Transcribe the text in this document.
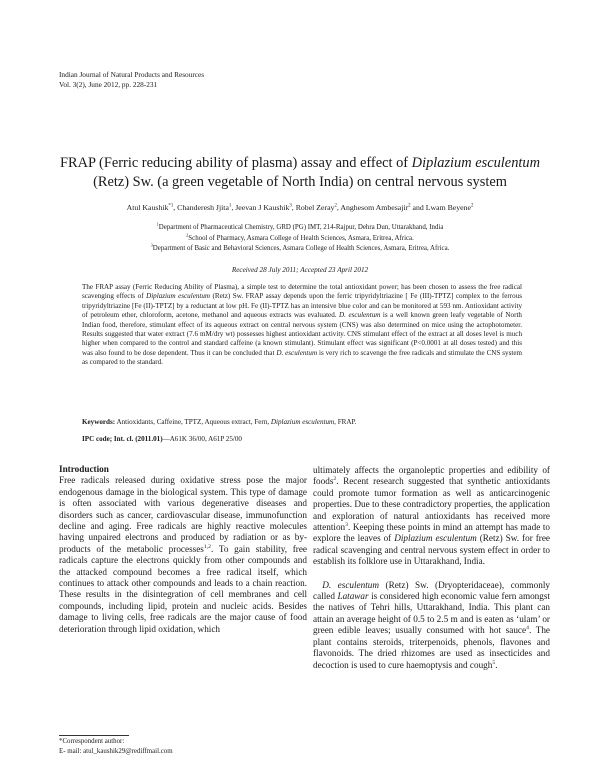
Indian Journal of Natural Products and Resources
Vol. 3(2), June 2012, pp. 228-231
FRAP (Ferric reducing ability of plasma) assay and effect of Diplazium esculentum
(Retz) Sw. (a green vegetable of North India) on central nervous system
Atul Kaushik$^{*1}$, Chanderesh Jjita$^1$, Jeevan J Kaushik$^3$, Robel Zeray$^2$, Anghesom Ambesajir$^2$ and Lwam Beyene$^2$
$^1$Department of Pharmaceutical Chemistry, GRD (PG) IMT, 214-Rajpur, Dehra Dun, Uttarakhand, India
$^2$School of Pharmacy, Asmara College of Health Sciences, Asmara, Eritrea, Africa.
$^3$Department of Basic and Behavioral Sciences, Asmara College of Health Sciences, Asmara, Eritrea, Africa.
Received 28 July 2011; Accepted 23 April 2012
The FRAP assay (Ferric Reducing Ability of Plasma), a simple test to determine the total antioxidant power; has been chosen to assess the free radical scavenging effects of Diplazium esculentum (Retz) Sw. FRAP assay depends upon the ferric tripyridyltriazine [ Fe (III)-TPTZ] complex to the ferrous tripyridyltriazine [Fe (II)-TPTZ] by a reductant at low pH. Fe (II)-TPTZ has an intensive blue color and can be monitored at 593 nm. Antioxidant activity of petroleum ether, chloroform, acetone, methanol and aqueous extracts was evaluated. D. esculentum is a well known green leafy vegetable of North Indian food, therefore, stimulant effect of its aqueous extract on central nervous system (CNS) was also determined on mice using the actophotometer. Results suggested that water extract (7.6 mM/dry wt) possesses highest antioxidant activity. CNS stimulant effect of the extract at all doses level is much higher when compared to the control and standard caffeine (a known stimulant). Stimulant effect was significant (P<0.0001 at all doses tested) and this was also found to be dose dependent. Thus it can be concluded that D. esculentum is very rich to scavenge the free radicals and stimulate the CNS system as compared to the standard.
Keywords: Antioxidants, Caffeine, TPTZ, Aqueous extract, Fern, Diplazium esculentum, FRAP.
IPC code; Int. cl. (2011.01)—A61K 36/00, A61P 25/00
Introduction

Free radicals released during oxidative stress pose the major endogenous damage in the biological system. This type of damage is often associated with various degenerative diseases and disorders such as cancer, cardiovascular disease, immunofunction decline and aging. Free radicals are highly reactive molecules having unpaired electrons and produced by radiation or as by-products of the metabolic processes$^{1,2}$. To gain stability, free radicals capture the electrons quickly from other compounds and the attacked compound becomes a free radical itself, which continues to attack other compounds and leads to a chain reaction. These results in the disintegration of cell membranes and cell compounds, including lipid, protein and nucleic acids. Besides damage to living cells, free radicals are the major cause of food deterioration through lipid oxidation, which

ultimately affects the organoleptic properties and edibility of foods$^2$. Recent research suggested that synthetic antioxidants could promote tumor formation as well as anticarcinogenic properties. Due to these contradictory properties, the application and exploration of natural antioxidants has received more attention$^3$. Keeping these points in mind an attempt has made to explore the leaves of Diplazium esculentum (Retz) Sw. for free radical scavenging and central nervous system effect in order to establish its folklore use in Uttarakhand, India.

 D. esculentum (Retz) Sw. (Dryopteridaceae), commonly called Latawar is considered high economic value fern amongst the natives of Tehri hills, Uttarakhand, India. This plant can attain an average height of 0.5 to 2.5 m and is eaten as ‘ulam’ or green edible leaves; usually consumed with hot sauce$^4$. The plant contains steroids, triterpenoids, phenols, flavones and flavonoids. The dried rhizomes are used as insecticides and decoction is used to cure haemoptysis and cough$^5$.

*Correspondent author:
E- mail: atul_kaushik29@rediffmail.com
